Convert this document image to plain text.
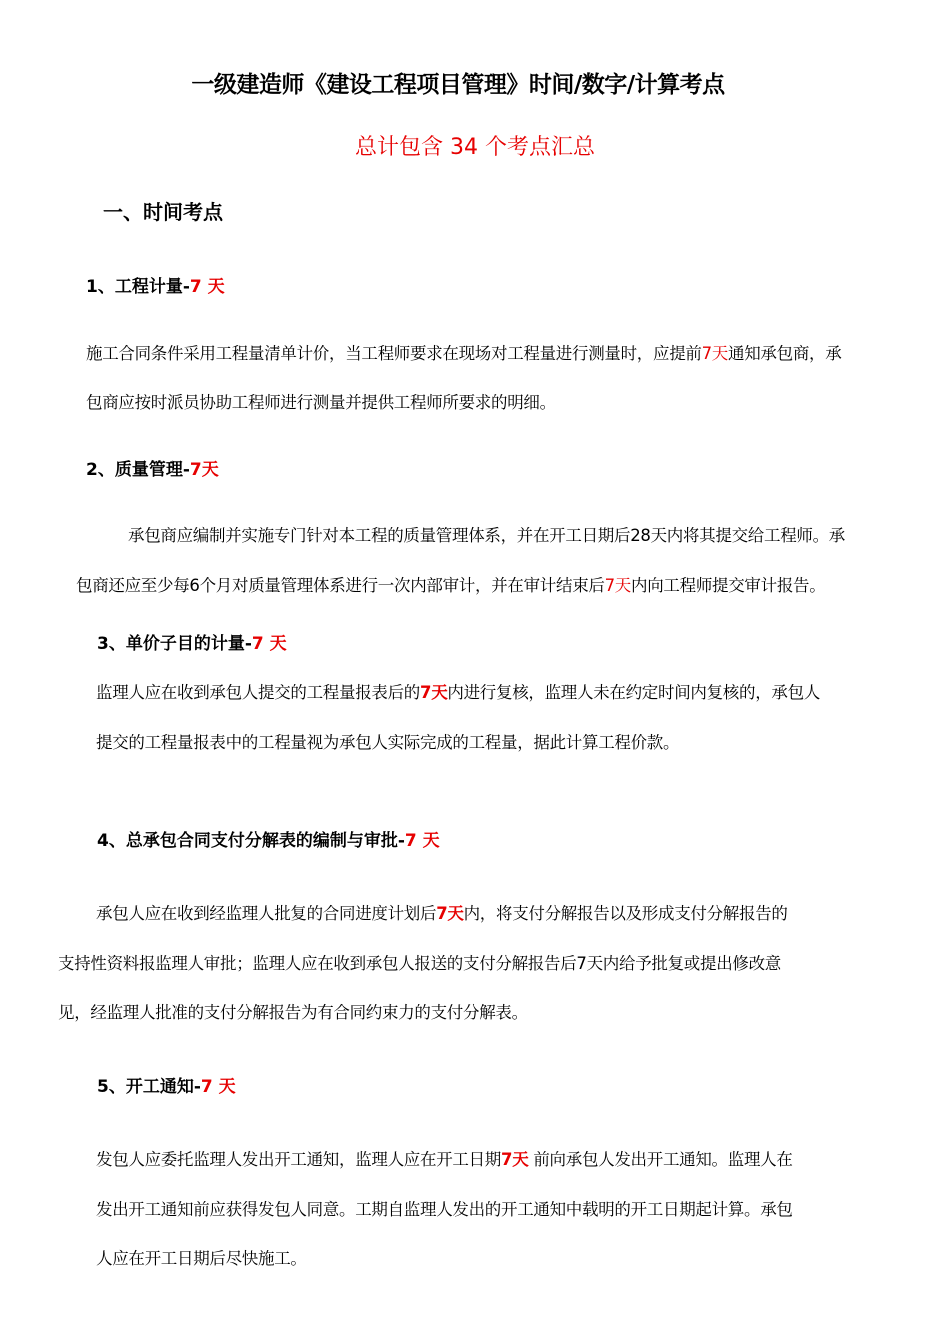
一级建造师《建设工程项目管理》时间/数字/计算考点
总计包含 34 个考点汇总
一、时间考点
1、工程计量-7 天
施工合同条件采用工程量清单计价，当工程师要求在现场对工程量进行测量时，应提前7天通知承包商，承
包商应按时派员协助工程师进行测量并提供工程师所要求的明细。
2、质量管理-7天
承包商应编制并实施专门针对本工程的质量管理体系，并在开工日期后28天内将其提交给工程师。承
包商还应至少每6个月对质量管理体系进行一次内部审计，并在审计结束后7天内向工程师提交审计报告。
3、单价子目的计量-7 天
监理人应在收到承包人提交的工程量报表后的7天内进行复核，监理人未在约定时间内复核的，承包人
提交的工程量报表中的工程量视为承包人实际完成的工程量，据此计算工程价款。
4、总承包合同支付分解表的编制与审批-7 天
承包人应在收到经监理人批复的合同进度计划后7天内，将支付分解报告以及形成支付分解报告的
支持性资料报监理人审批；监理人应在收到承包人报送的支付分解报告后7天内给予批复或提出修改意
见，经监理人批准的支付分解报告为有合同约束力的支付分解表。
5、开工通知-7 天
发包人应委托监理人发出开工通知，监理人应在开工日期7天 前向承包人发出开工通知。监理人在
发出开工通知前应获得发包人同意。工期自监理人发出的开工通知中载明的开工日期起计算。承包
人应在开工日期后尽快施工。
